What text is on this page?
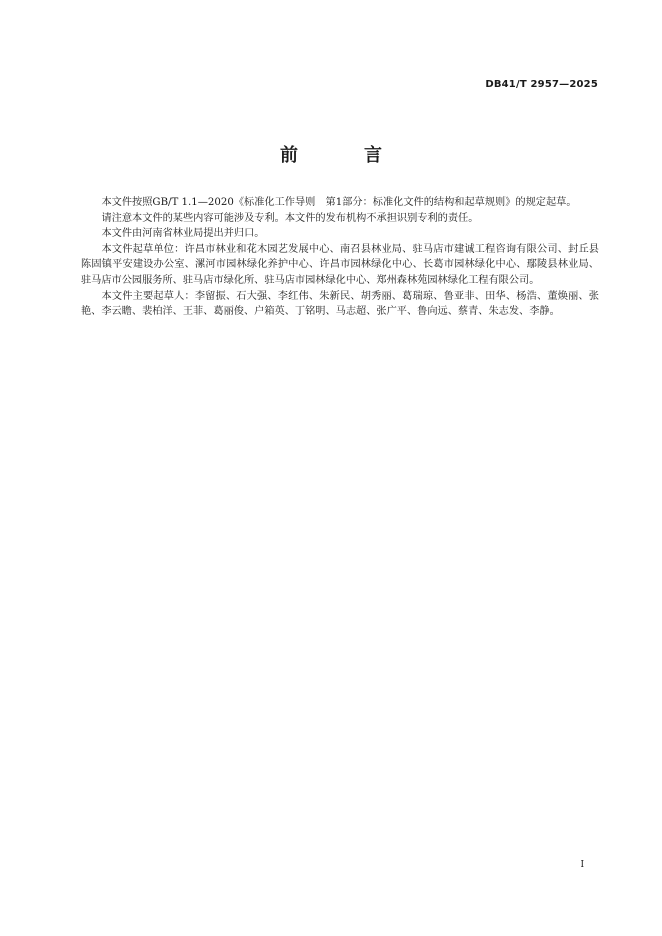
DB41/T 2957—2025
前　言

本文件按照GB/T 1.1—2020《标准化工作导则　第1部分：标准化文件的结构和起草规则》的规定起草。

请注意本文件的某些内容可能涉及专利。本文件的发布机构不承担识别专利的责任。

本文件由河南省林业局提出并归口。

本文件起草单位：许昌市林业和花木园艺发展中心、南召县林业局、驻马店市建诚工程咨询有限公司、封丘县陈固镇平安建设办公室、漯河市园林绿化养护中心、许昌市园林绿化中心、长葛市园林绿化中心、鄢陵县林业局、驻马店市公园服务所、驻马店市绿化所、驻马店市园林绿化中心、郑州森林苑园林绿化工程有限公司。

本文件主要起草人：李留振、石大强、李红伟、朱新民、胡秀丽、葛瑞琼、鲁亚非、田华、杨浩、董焕丽、张艳、李云瞻、裴柏洋、王菲、葛丽俊、户箱英、丁铭明、马志超、张广平、鲁向远、蔡青、朱志发、李静。

I
